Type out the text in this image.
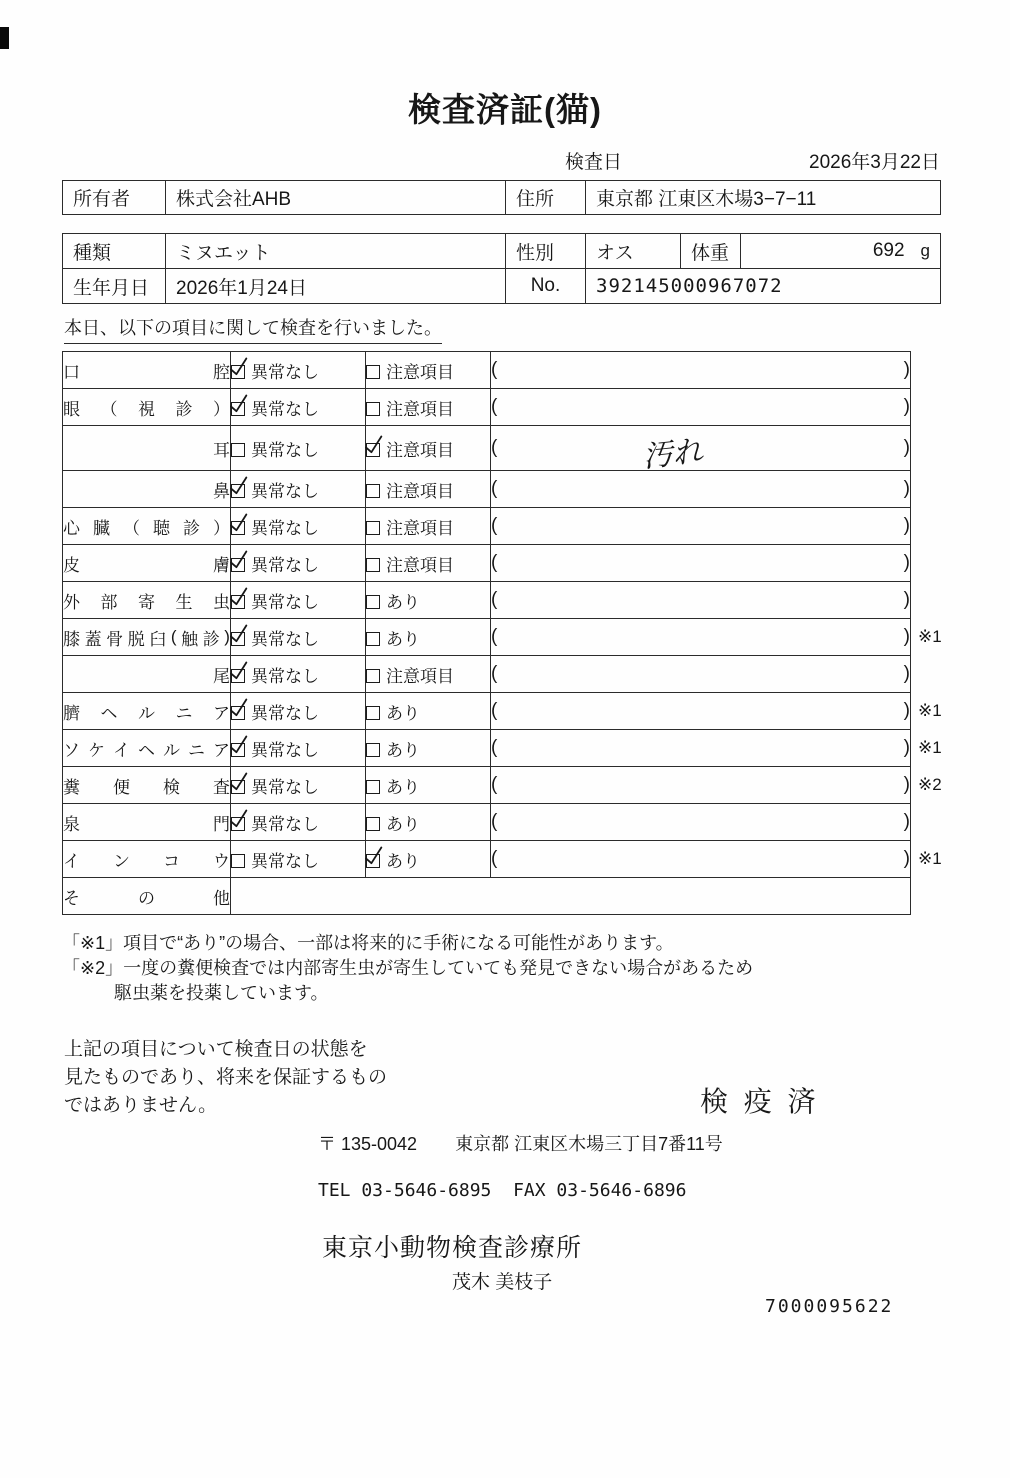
検査済証(猫)
検査日	2026年3月22日
所有者	株式会社AHB	住所	東京都 江東区木場3−7−11
種類	ミヌエット	性別	オス	体重	692 g

生年月日	2026年1月24日	No.	392145000967072		
本日、以下の項目に関して検査を行いました。
口 腔	異常なし	注意項目	( )	

眼 （ 視 診 ）	異常なし	注意項目	( )	

耳	異常なし	注意項目	( 汚れ )	

鼻	異常なし	注意項目	( )	

心 臓 （ 聴 診 ）	異常なし	注意項目	(	)

皮 膚	異常なし	注意項目	( )	

外 部 寄 生 虫	異常なし	あり	( )	

膝 蓋 骨 脱 臼 ( 触 診 )	異常なし	あり	(	)	※1

尾	異常なし	注意項目	( )	

臍 ヘ ル ニ ア	異常なし	あり	( )	※1

ソ ケ イ ヘ ル ニ ア	異常なし	あり	(	)	※1

糞 便 検 査	異常なし	あり	( )	※2

泉 門	異常なし	あり	( )	

イ ン コ ウ	異常なし	あり	( )	※1

そ の 他				

「※1」項目で“あり”の場合、一部は将来的に手術になる可能性があります。
「※2」一度の糞便検査では内部寄生虫が寄生していても発見できない場合があるため
駆虫薬を投薬しています。
上記の項目について検査日の状態を
見たものであり、将来を保証するもの
ではありません。	検 疫 済
〒 135-0042 東京都 江東区木場三丁目7番11号
TEL 03-5646-6895  FAX 03-5646-6896
東京小動物検査診療所
茂木 美枝子
7000095622
